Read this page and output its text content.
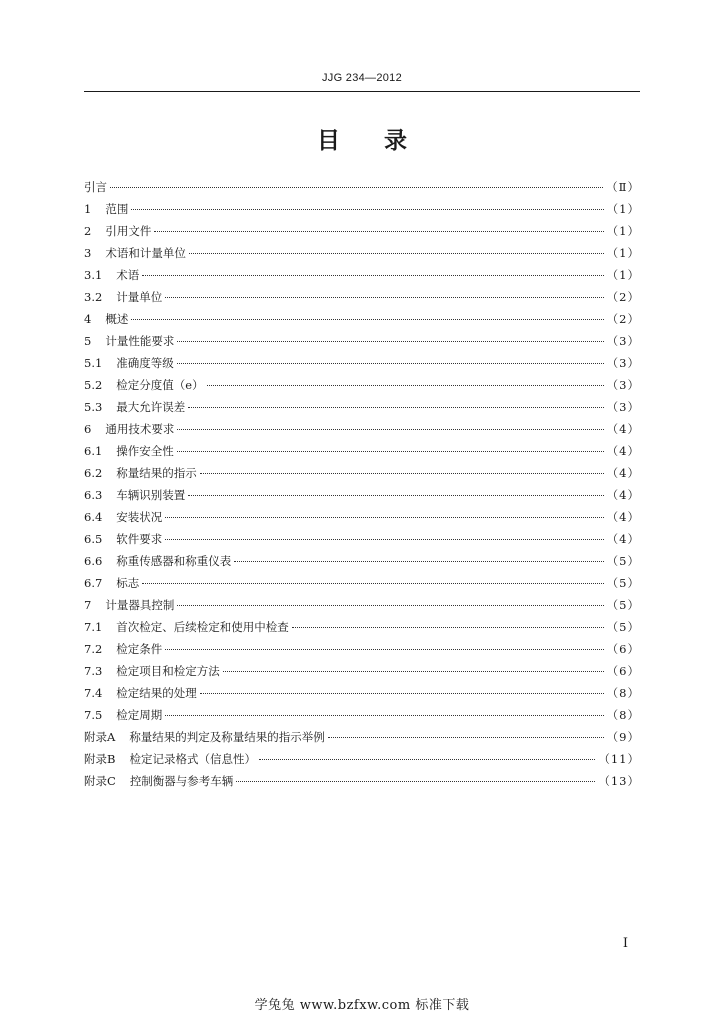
JJG 234—2012
目录
引言	（Ⅱ）
1 范围	（1）
2 引用文件	（1）
3 术语和计量单位	（1）
3.1 术语	（1）
3.2 计量单位	（2）
4 概述	（2）
5 计量性能要求	（3）
5.1 准确度等级	（3）
5.2 检定分度值（e）	（3）
5.3 最大允许误差	（3）
6 通用技术要求	（4）
6.1 操作安全性	（4）
6.2 称量结果的指示	（4）
6.3 车辆识别装置	（4）
6.4 安装状况	（4）
6.5 软件要求	（4）
6.6 称重传感器和称重仪表	（5）
6.7 标志	（5）
7 计量器具控制	（5）
7.1 首次检定、后续检定和使用中检查	（5）
7.2 检定条件	（6）
7.3 检定项目和检定方法	（6）
7.4 检定结果的处理	（8）
7.5 检定周期	（8）
附录A 称量结果的判定及称量结果的指示举例	（9）
附录B 检定记录格式（信息性）	（11）
附录C 控制衡器与参考车辆	（13）
I
学兔兔 www.bzfxw.com 标准下载
